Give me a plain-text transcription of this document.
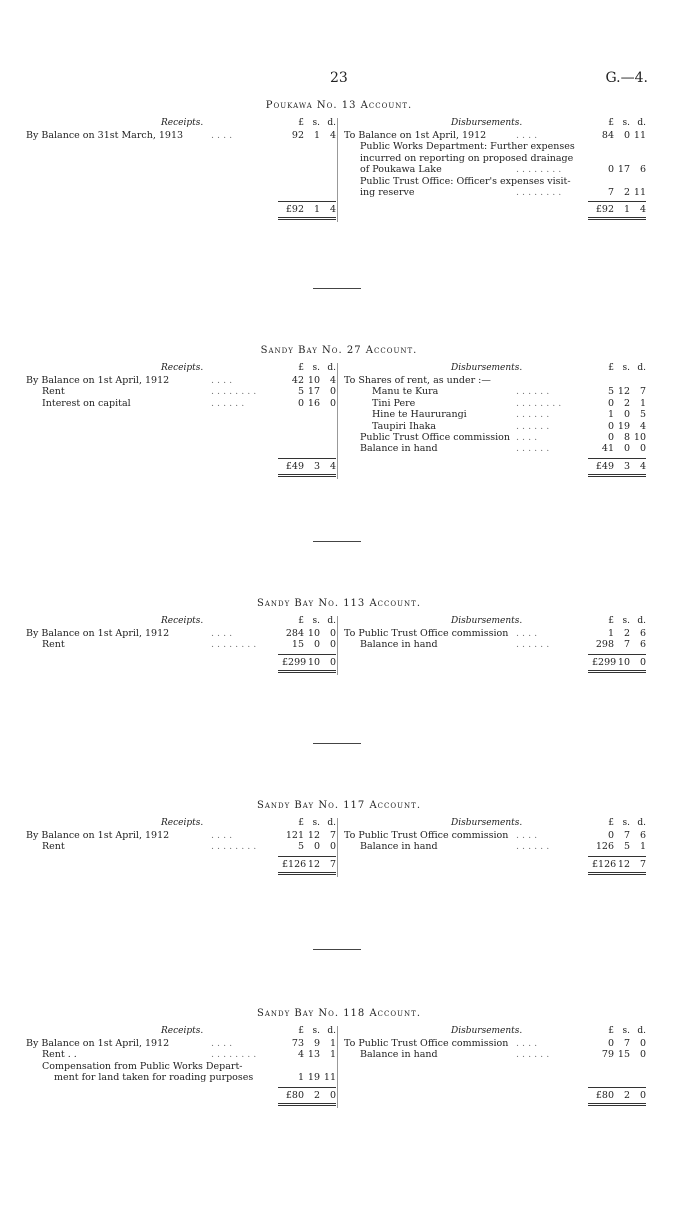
23	G.—4.
Poukawa No. 13 Account.
Receipts.	Disbursements.
£ s. d.	£ s. d.
By Balance on 31st March, 1913	. . . .	92 1 4 To Balance on 1st April, 1912	. . . .	84 0 11
Public Works Department: Further expenses
incurred on reporting on proposed drainage
of Poukawa Lake	. . . . . . . .	0 17 6
Public Trust Office: Officer's expenses visit-
ing reserve	. . . . . . . .	7 2 11
£92 1 4	£92 1 4
Sandy Bay No. 27 Account.
Receipts.	Disbursements.
£ s. d.	£ s. d.
By Balance on 1st April, 1912	. . . .	42 10 4
Rent	. . . . . . . .	5 17 0
Interest on capital	. . . . . .	0 16 0
To Shares of rent, as under :—
Manu te Kura	. . . . . .	5 12 7
Tini Pere	. . . . . . . .	0 2 1
Hine te Haururangi	. . . . . .	1 0 5
Taupiri Ihaka	. . . . . .	0 19 4
Public Trust Office commission . . . .	0 8 10
Balance in hand	. . . . . .	41 0 0
£49 3 4	£49 3 4
Sandy Bay No. 113 Account.
Receipts.	Disbursements.
£ s. d.	£ s. d.
By Balance on 1st April, 1912	. . . .	284 10 0
Rent	. . . . . . . .	15 0 0
To Public Trust Office commission . . . .	1 2 6
Balance in hand	. . . . . .	298 7 6
£299 10 0	£299 10 0
Sandy Bay No. 117 Account.
Receipts.	Disbursements.
£ s. d.	£ s. d.
By Balance on 1st April, 1912	. . . .	121 12 7
Rent	. . . . . . . .	5 0 0
To Public Trust Office commission . . . .	0 7 6
Balance in hand	. . . . . .	126 5 1
£126 12 7	£126 12 7
Sandy Bay No. 118 Account.
Receipts.	Disbursements.
£ s. d.	£ s. d.
By Balance on 1st April, 1912	. . . .	73 9 1
Rent . .	. . . . . . . .	4 13 1
Compensation from Public Works Depart-
ment for land taken for roading purposes	1 19 11
To Public Trust Office commission . . . .	0 7 0
Balance in hand	. . . . . .	79 15 0
£80 2 0	£80 2 0
